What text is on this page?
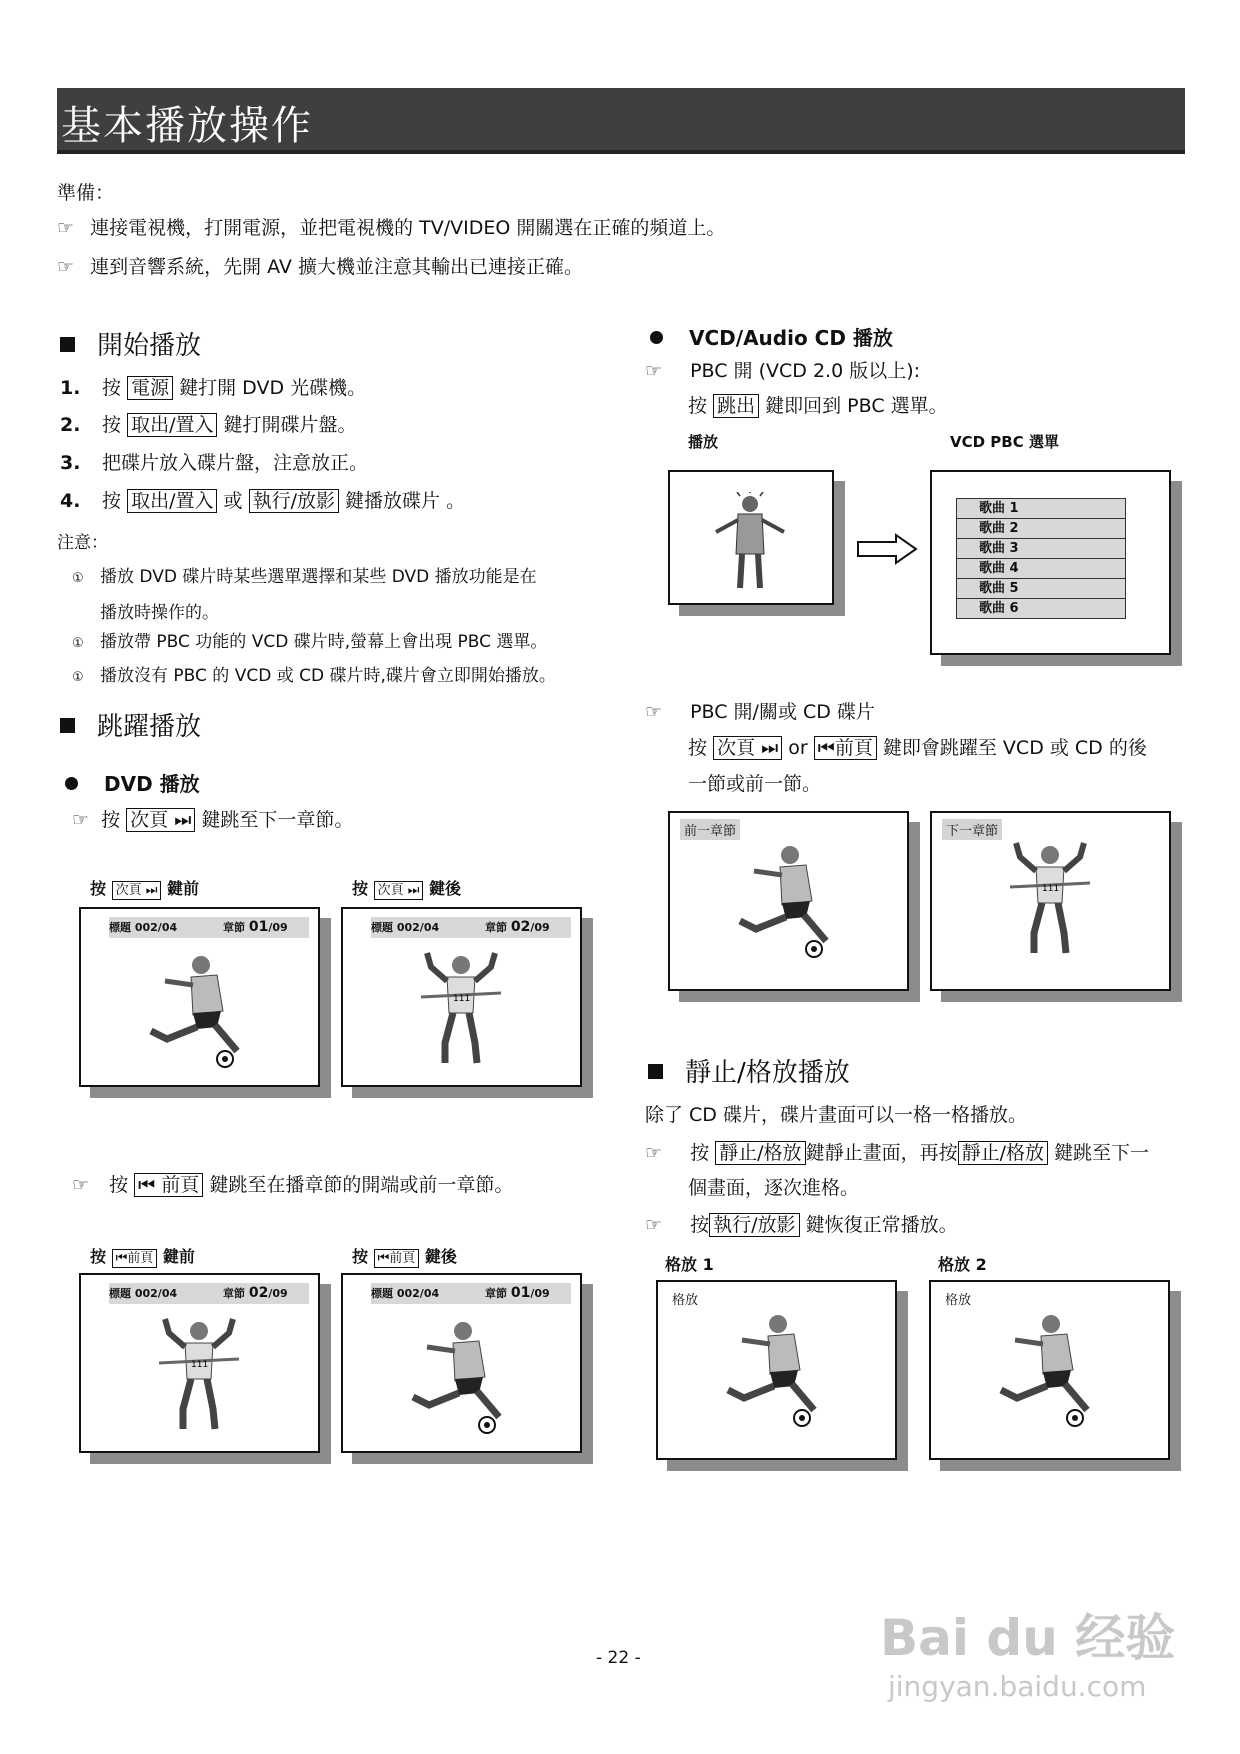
基本播放操作
準備：
☞ 連接電視機，打開電源，並把電視機的 TV/VIDEO 開關選在正確的頻道上。
☞ 連到音響系統，先開 AV 擴大機並注意其輸出已連接正確。
開始播放
1. 按 電源 鍵打開 DVD 光碟機。
2. 按 取出/置入 鍵打開碟片盤。
3. 把碟片放入碟片盤，注意放正。
4. 按 取出/置入 或 執行/放影 鍵播放碟片 。
注意：
① 播放 DVD 碟片時某些選單選擇和某些 DVD 播放功能是在
播放時操作的。
① 播放帶 PBC 功能的 VCD 碟片時,螢幕上會出現 PBC 選單。
① 播放沒有 PBC 的 VCD 或 CD 碟片時,碟片會立即開始播放。
跳躍播放
DVD 播放
☞ 按 次頁 ⏭ 鍵跳至下一章節。
按 次頁 ⏭ 鍵前	按 次頁 ⏭ 鍵後
標題 002/04	章節 01/09	標題 002/04	章節 02/09
111
☞ 按 ⏮ 前頁 鍵跳至在播章節的開端或前一章節。
按 ⏮前頁 鍵前	按 ⏮前頁 鍵後
標題 002/04	章節 02/09
111
標題 002/04	章節 01/09
VCD/Audio CD 播放
☞ PBC 開 (VCD 2.0 版以上):
按 跳出 鍵即回到 PBC 選單。
播放	VCD PBC 選單
歌曲 1
歌曲 2
歌曲 3
歌曲 4
歌曲 5
歌曲 6
☞ PBC 開/關或 CD 碟片
按 次頁 ⏭ or ⏮前頁 鍵即會跳躍至 VCD 或 CD 的後
一節或前一節。
前一章節	下一章節
111
靜止/格放播放
除了 CD 碟片，碟片畫面可以一格一格播放。
☞ 按 靜止/格放 鍵靜止畫面，再按 靜止/格放 鍵跳至下一
個畫面，逐次進格。
☞ 按 執行/放影 鍵恢復正常播放。
格放 1	格放 2
格放	格放
- 22 -	Bai du 经验
jingyan.baidu.com
